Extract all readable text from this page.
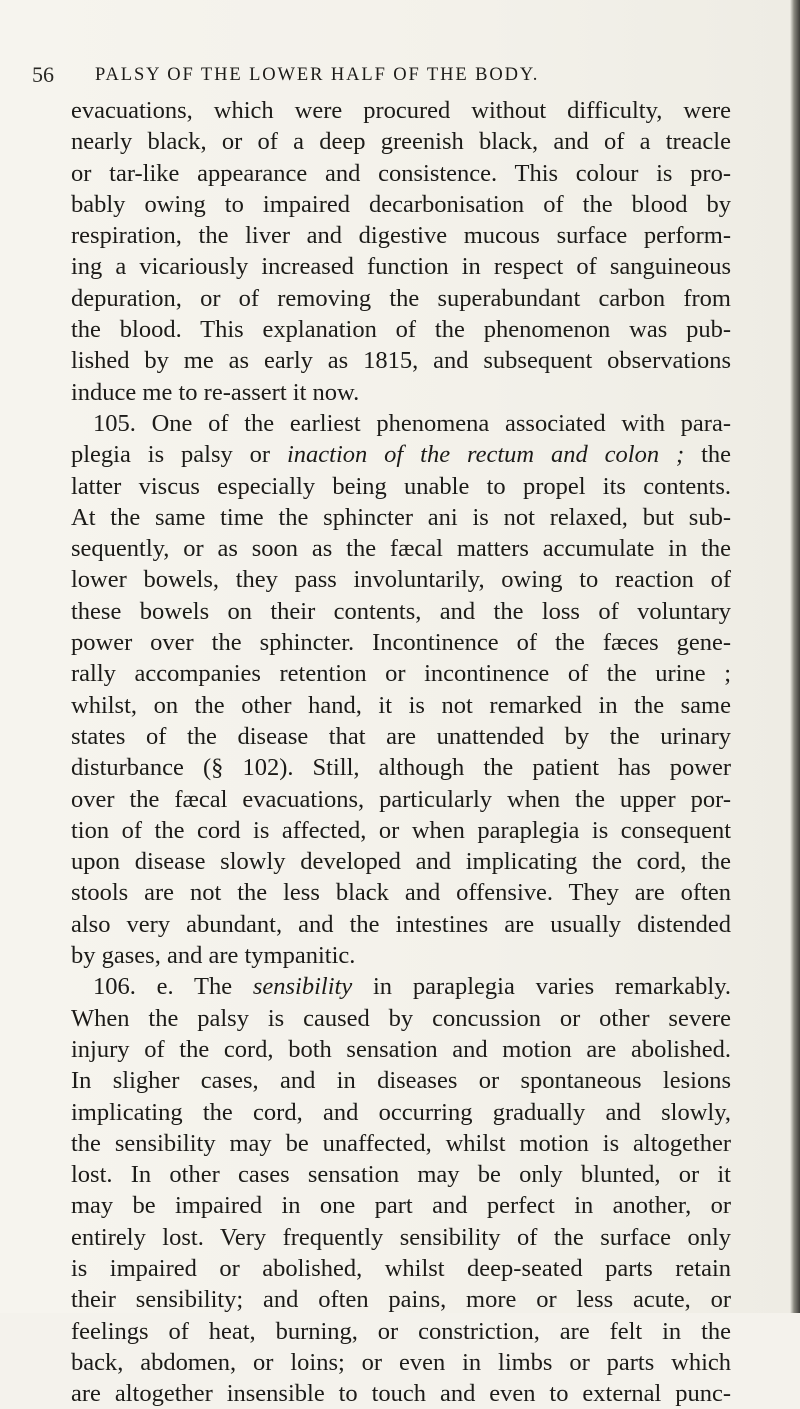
56 PALSY OF THE LOWER HALF OF THE BODY.
evacuations, which were procured without difficulty, were
nearly black, or of a deep greenish black, and of a treacle
or tar-like appearance and consistence. This colour is pro-
bably owing to impaired decarbonisation of the blood by
respiration, the liver and digestive mucous surface perform-
ing a vicariously increased function in respect of sanguineous
depuration, or of removing the superabundant carbon from
the blood. This explanation of the phenomenon was pub-
lished by me as early as 1815, and subsequent observations
induce me to re-assert it now.
105. One of the earliest phenomena associated with para-
plegia is palsy or inaction of the rectum and colon ; the
latter viscus especially being unable to propel its contents.
At the same time the sphincter ani is not relaxed, but sub-
sequently, or as soon as the fæcal matters accumulate in the
lower bowels, they pass involuntarily, owing to reaction of
these bowels on their contents, and the loss of voluntary
power over the sphincter. Incontinence of the fæces gene-
rally accompanies retention or incontinence of the urine ;
whilst, on the other hand, it is not remarked in the same
states of the disease that are unattended by the urinary
disturbance (§ 102). Still, although the patient has power
over the fæcal evacuations, particularly when the upper por-
tion of the cord is affected, or when paraplegia is consequent
upon disease slowly developed and implicating the cord, the
stools are not the less black and offensive. They are often
also very abundant, and the intestines are usually distended
by gases, and are tympanitic.
106. e. The sensibility in paraplegia varies remarkably.
When the palsy is caused by concussion or other severe
injury of the cord, both sensation and motion are abolished.
In sligher cases, and in diseases or spontaneous lesions
implicating the cord, and occurring gradually and slowly,
the sensibility may be unaffected, whilst motion is altogether
lost. In other cases sensation may be only blunted, or it
may be impaired in one part and perfect in another, or
entirely lost. Very frequently sensibility of the surface only
is impaired or abolished, whilst deep-seated parts retain
their sensibility; and often pains, more or less acute, or
feelings of heat, burning, or constriction, are felt in the
back, abdomen, or loins; or even in limbs or parts which
are altogether insensible to touch and even to external punc-
